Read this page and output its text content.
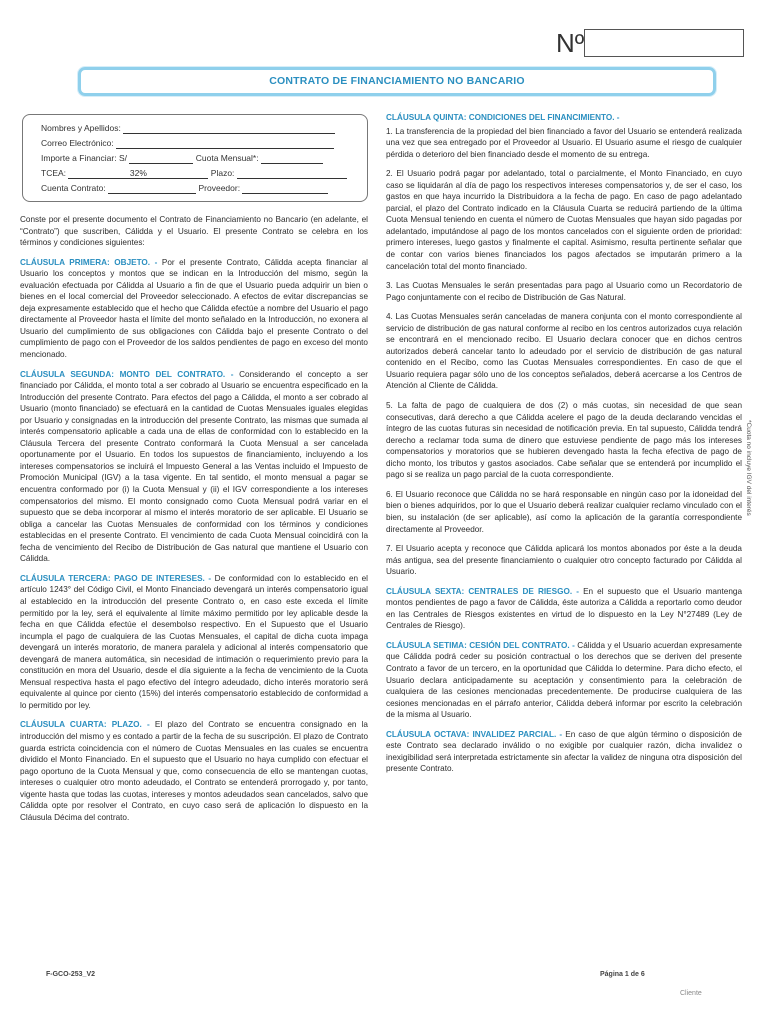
Nº
CONTRATO DE FINANCIAMIENTO NO BANCARIO
Nombres y Apellidos:
Correo Electrónico:
Importe a Financiar: S/	Cuota Mensual*:
TCEA:	32%	Plazo:
Cuenta Contrato:	Proveedor:

Conste por el presente documento el Contrato de Financiamiento no Bancario (en adelante, el “Contrato”) que suscriben, Cálidda y el Usuario. El presente Contrato se celebra en los términos y condiciones siguientes:

CLÁUSULA PRIMERA: OBJETO. - Por el presente Contrato, Cálidda acepta financiar al Usuario los conceptos y montos que se indican en la Introducción del mismo, según la evaluación efectuada por Cálidda al Usuario a fin de que el Usuario pueda adquirir un bien o bienes en el local comercial del Proveedor seleccionado. A efectos de evitar discrepancias se deja expresamente establecido que el hecho que Cálidda efectúe a nombre del Usuario el pago directamente al Proveedor hasta el límite del monto señalado en la Introducción, no exonera al Usuario del cumplimiento de sus obligaciones con Cálidda bajo el presente Contrato o del cumplimiento de pago con el Proveedor de los saldos pendientes de pago en exceso del monto mencionado.

CLÁUSULA SEGUNDA: MONTO DEL CONTRATO. - Considerando el concepto a ser financiado por Cálidda, el monto total a ser cobrado al Usuario se encuentra especificado en la Introducción del presente Contrato. Para efectos del pago a Cálidda, el monto a ser cobrado al Usuario (monto financiado) se efectuará en la cantidad de Cuotas Mensuales iguales elegidas por Usuario y consignadas en la introducción del presente Contrato, las mismas que sumada al interés compensatorio aplicable a cada una de ellas de conformidad con lo establecido en la Cláusula Tercera del presente Contrato conformará la Cuota Mensual a ser cancelada oportunamente por el Usuario. En todos los supuestos de financiamiento, incluyendo a los intereses compensatorios se incluirá el Impuesto General a las Ventas incluido el Impuesto de Promoción Municipal (IGV) a la tasa vigente. En tal sentido, el monto mensual a pagar se encuentra conformado por (i) la Cuota Mensual y (ii) el IGV correspondiente a los intereses compensatorios del mismo. El monto consignado como Cuota Mensual podrá variar en el supuesto que se deba incorporar al mismo el interés moratorio de ser aplicable. El Usuario se obliga a cancelar las Cuotas Mensuales de conformidad con los términos y condiciones establecidas en el presente Contrato. El vencimiento de cada Cuota Mensual coincidirá con la fecha de vencimiento del Recibo de Distribución de Gas natural que mantiene el Usuario con Cálidda.

CLÁUSULA TERCERA: PAGO DE INTERESES. - De conformidad con lo establecido en el artículo 1243° del Código Civil, el Monto Financiado devengará un interés compensatorio igual al establecido en la introducción del presente Contrato o, en caso este exceda el límite permitido por la ley, será el equivalente al límite máximo permitido por ley aplicable desde la fecha en que Cálidda efectúe el desembolso respectivo. En el Supuesto que el Usuario incumpla el pago de cualquiera de las Cuotas Mensuales, el capital de dicha cuota impaga devengará un interés moratorio, de manera paralela y adicional al interés compensatorio que devengará de manera automática, sin necesidad de intimación o requerimiento previo para la constitución en mora del Usuario, desde el día siguiente a la fecha de vencimiento de la Cuota Mensual respectiva hasta el pago efectivo del íntegro adeudado, dicho interés moratorio será equivalente al quince por ciento (15%) del interés compensatorio establecido de conformidad a lo permitido por ley.

CLÁUSULA CUARTA: PLAZO. - El plazo del Contrato se encuentra consignado en la introducción del mismo y es contado a partir de la fecha de su suscripción. El plazo de Contrato guarda estricta coincidencia con el número de Cuotas Mensuales en las cuales se encuentra dividido el Monto Financiado. En el supuesto que el Usuario no haya cumplido con efectuar el pago oportuno de la Cuota Mensual y que, como consecuencia de ello se mantengan cuotas, intereses o cualquier otro monto adeudado, el Contrato se entenderá prorrogado y, por tanto, vigente hasta que todas las cuotas, intereses y montos adeudados sean cancelados, salvo que Cálidda opte por resolver el Contrato, en cuyo caso será de aplicación lo dispuesto en la Cláusula Décima del contrato.

CLÁUSULA QUINTA: CONDICIONES DEL FINANCIMIENTO. -

1. La transferencia de la propiedad del bien financiado a favor del Usuario se entenderá realizada una vez que sea entregado por el Proveedor al Usuario. El Usuario asume el riesgo de cualquier pérdida o deterioro del bien financiado desde el momento de su entrega.

2. El Usuario podrá pagar por adelantado, total o parcialmente, el Monto Financiado, en cuyo caso se liquidarán al día de pago los respectivos intereses compensatorios y, de ser el caso, los gastos en que haya incurrido la Distribuidora a la fecha de pago. En caso de pago adelantado parcial, el plazo del Contrato indicado en la Cláusula Cuarta se reducirá partiendo de la última Cuota Mensual teniendo en cuenta el número de Cuotas Mensuales que hayan sido pagadas por adelantado, imputándose al pago de los montos cancelados con el siguiente orden de prioridad: primero intereses, luego gastos y finalmente el capital. Asimismo, resulta pertinente señalar que de contar con varios bienes financiados los pagos afectados se imputarán primero a la cancelación total del monto financiado.

3. Las Cuotas Mensuales le serán presentadas para pago al Usuario como un Recordatorio de Pago conjuntamente con el recibo de Distribución de Gas Natural.

4. Las Cuotas Mensuales serán canceladas de manera conjunta con el monto correspondiente al servicio de distribución de gas natural conforme al recibo en los centros autorizados cuya relación se encontrará en el mencionado recibo. El Usuario declara conocer que en dichos centros autorizados deberá cancelar tanto lo adeudado por el servicio de distribución de gas natural contenido en el Recibo, como las Cuotas Mensuales correspondientes. En caso de que el Usuario requiera pagar sólo uno de los conceptos señalados, deberá acercarse a los Centros de Atención al Cliente de Cálidda.

5. La falta de pago de cualquiera de dos (2) o más cuotas, sin necesidad de que sean consecutivas, dará derecho a que Cálidda acelere el pago de la deuda declarando vencidas el íntegro de las cuotas futuras sin necesidad de notificación previa. En tal supuesto, Cálidda tendrá derecho a reclamar toda suma de dinero que estuviese pendiente de pago más los intereses compensatorios y moratorios que se hubieren devengado hasta la fecha efectiva de pago de dicho monto, los tributos y gastos asociados. Cabe señalar que se entenderá por incumplido el pago si se realiza un pago parcial de la cuota correspondiente.

6. El Usuario reconoce que Cálidda no se hará responsable en ningún caso por la idoneidad del bien o bienes adquiridos, por lo que el Usuario deberá realizar cualquier reclamo vinculado con el bien, su instalación (de ser aplicable), así como la aplicación de la garantía correspondiente directamente al Proveedor.

7. El Usuario acepta y reconoce que Cálidda aplicará los montos abonados por éste a la deuda más antigua, sea del presente financiamiento o cualquier otro concepto facturado por Cálidda al Usuario.

CLÁUSULA SEXTA: CENTRALES DE RIESGO. - En el supuesto que el Usuario mantenga montos pendientes de pago a favor de Cálidda, éste autoriza a Cálidda a reportarlo como deudor en las Centrales de Riesgos existentes en virtud de lo dispuesto en la Ley N°27489 (Ley de Centrales de Riesgo).

CLÁUSULA SETIMA: CESIÓN DEL CONTRATO. - Cálidda y el Usuario acuerdan expresamente que Cálidda podrá ceder su posición contractual o los derechos que se deriven del presente Contrato a favor de un tercero, en la oportunidad que Cálidda lo determine. Para dicho efecto, el Usuario declara anticipadamente su aceptación y consentimiento para la celebración de cualquiera de las cesiones mencionadas precedentemente. De producirse cualquiera de las cesiones mencionadas en el párrafo anterior, Cálidda deberá informar por escrito la celebración de la misma al Usuario.

CLÁUSULA OCTAVA: INVALIDEZ PARCIAL. - En caso de que algún término o disposición de este Contrato sea declarado inválido o no exigible por cualquier razón, dicha invalidez o inexigibilidad será interpretada estrictamente sin afectar la validez de ninguna otra disposición del presente Contrato.

*Cuota no incluye IGV del interés
F-GCO-253_V2	Página 1 de 6
Cliente
